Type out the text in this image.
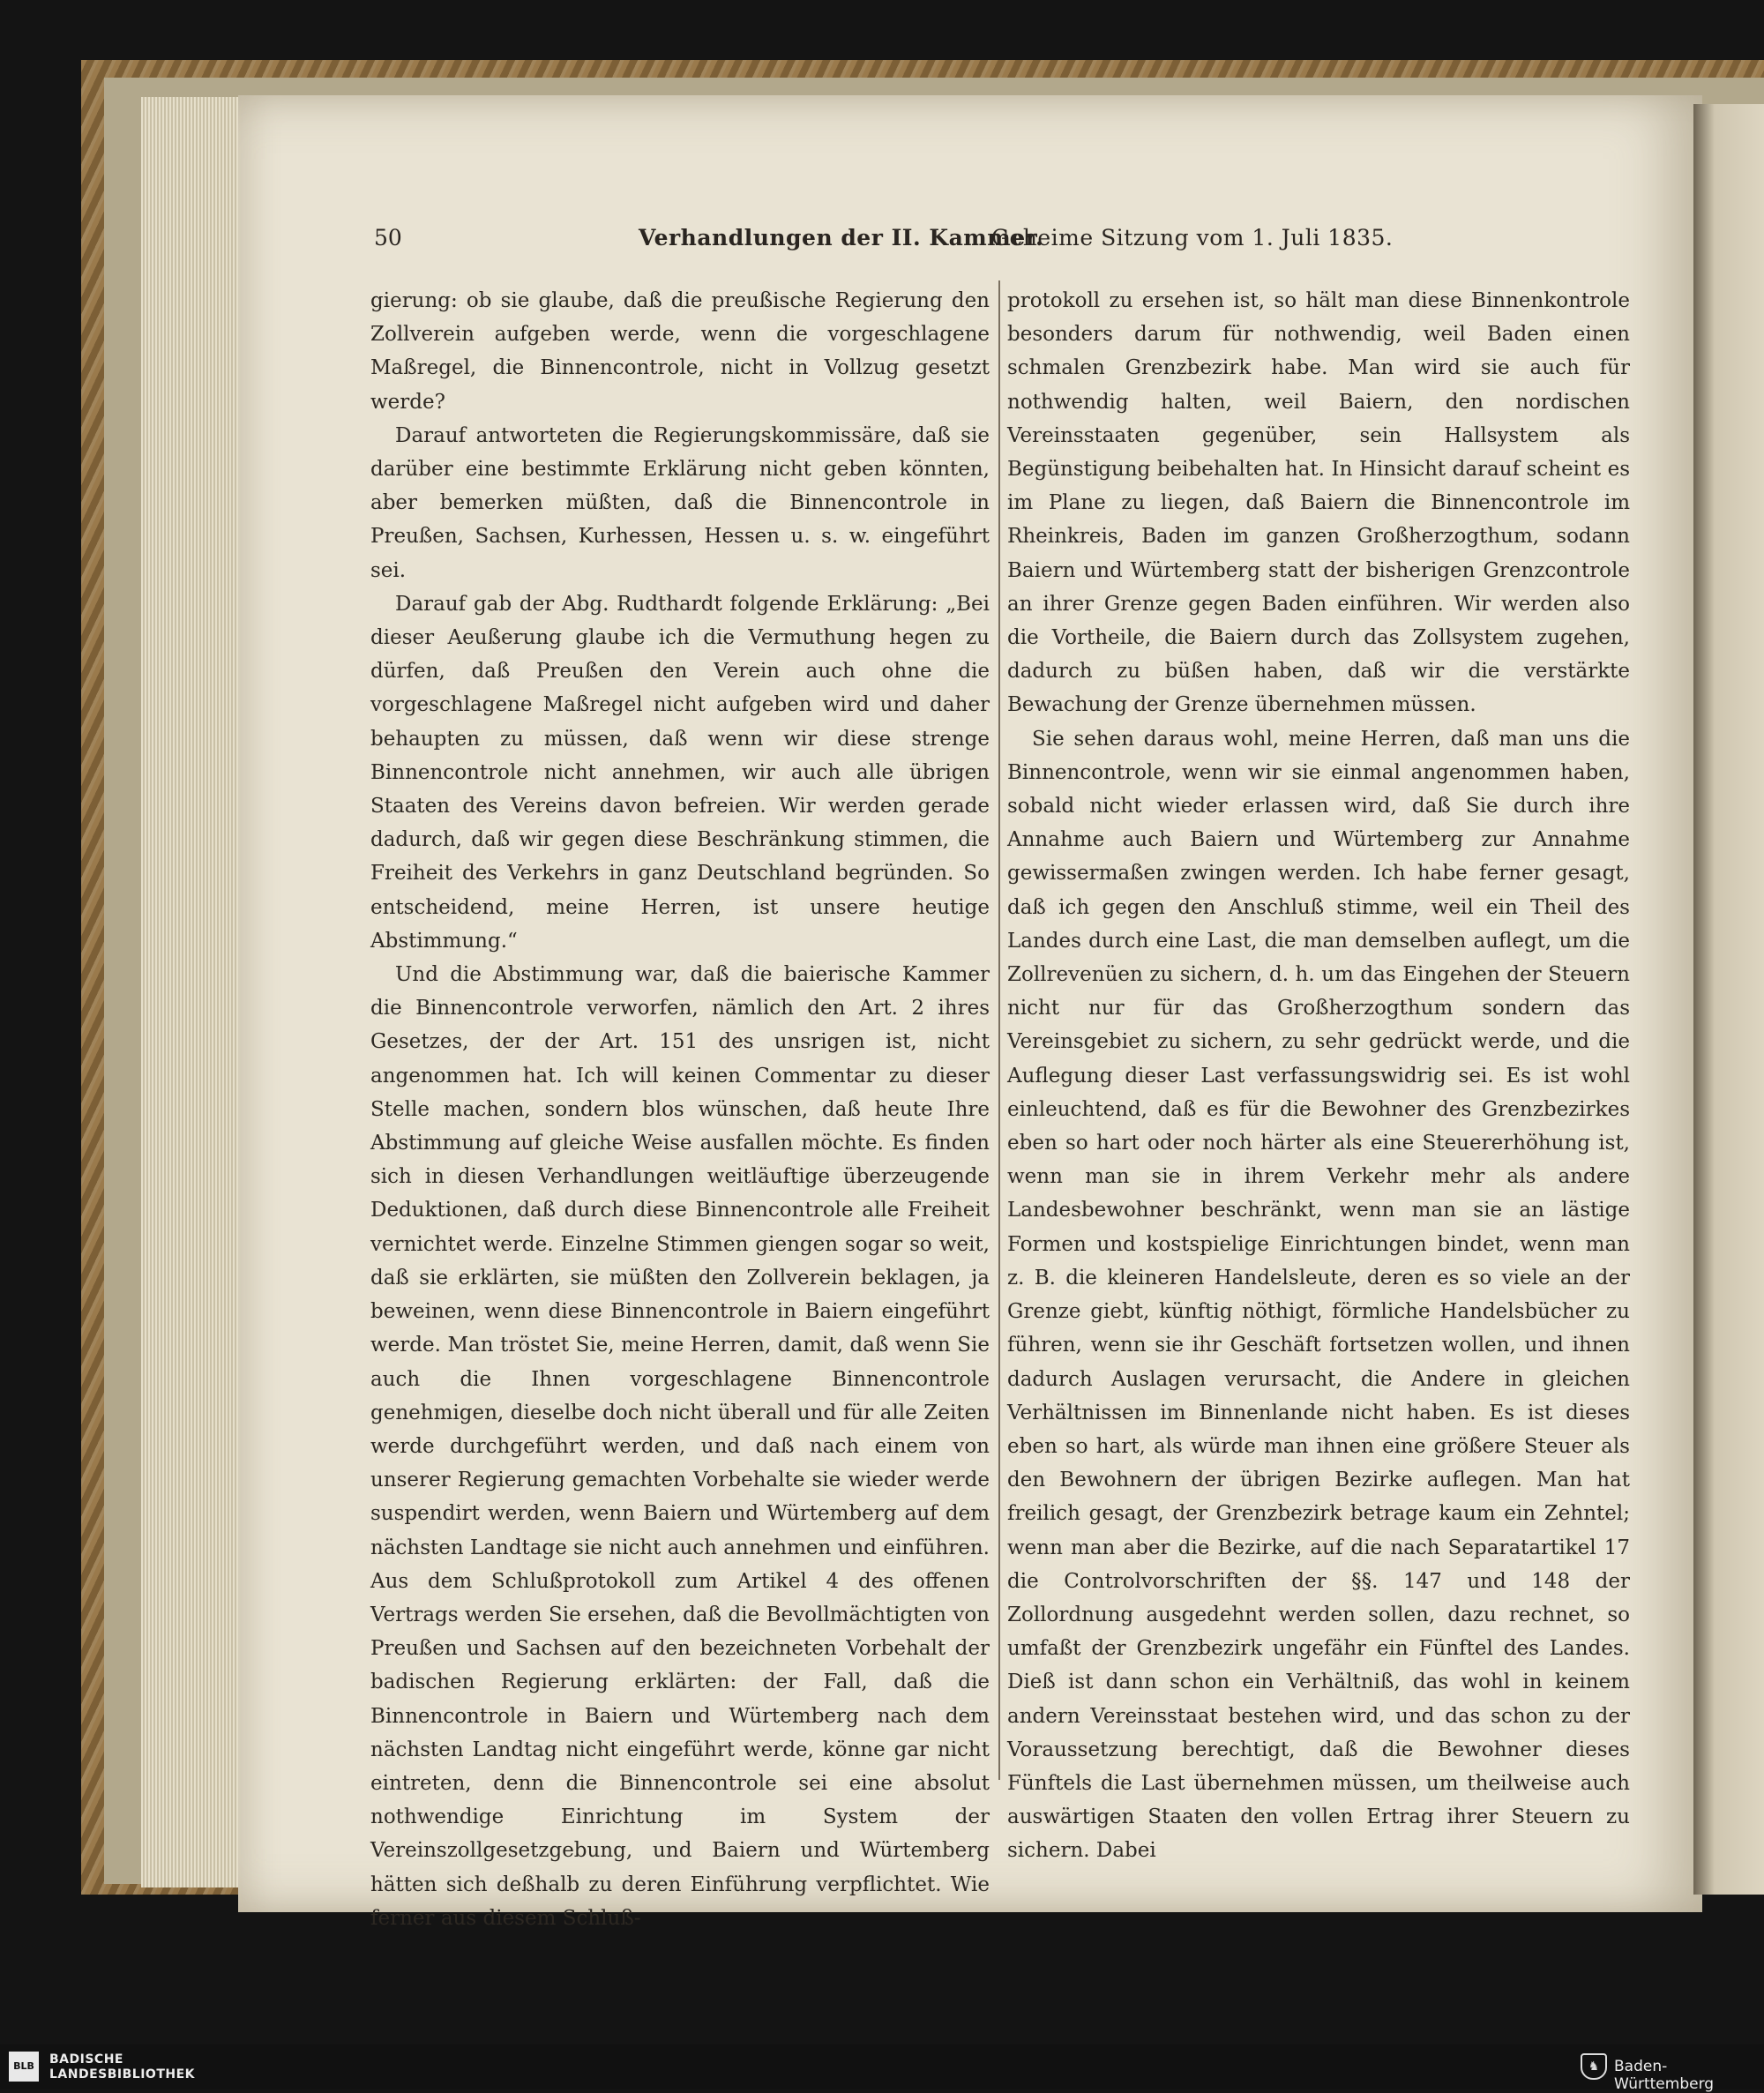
50	Verhandlungen der II. Kammer.
Geheime Sitzung vom 1. Juli 1835.

gierung: ob sie glaube, daß die preußische Regierung den Zollverein aufgeben werde, wenn die vorgeschlagene Maßregel, die Binnencontrole, nicht in Vollzug gesetzt werde?

Darauf antworteten die Regierungskommissäre, daß sie darüber eine bestimmte Erklärung nicht geben könnten, aber bemerken müßten, daß die Binnencontrole in Preußen, Sachsen, Kurhessen, Hessen u. s. w. eingeführt sei.

Darauf gab der Abg. Rudthardt folgende Erklärung: „Bei dieser Aeußerung glaube ich die Vermuthung hegen zu dürfen, daß Preußen den Verein auch ohne die vorgeschlagene Maßregel nicht aufgeben wird und daher behaupten zu müssen, daß wenn wir diese strenge Binnencontrole nicht annehmen, wir auch alle übrigen Staaten des Vereins davon befreien. Wir werden gerade dadurch, daß wir gegen diese Beschränkung stimmen, die Freiheit des Verkehrs in ganz Deutschland begründen. So entscheidend, meine Herren, ist unsere heutige Abstimmung.“

Und die Abstimmung war, daß die baierische Kammer die Binnencontrole verworfen, nämlich den Art. 2 ihres Gesetzes, der der Art. 151 des unsrigen ist, nicht angenommen hat. Ich will keinen Commentar zu dieser Stelle machen, sondern blos wünschen, daß heute Ihre Abstimmung auf gleiche Weise ausfallen möchte. Es finden sich in diesen Verhandlungen weitläuftige überzeugende Deduktionen, daß durch diese Binnencontrole alle Freiheit vernichtet werde. Einzelne Stimmen giengen sogar so weit, daß sie erklärten, sie müßten den Zollverein beklagen, ja beweinen, wenn diese Binnencontrole in Baiern eingeführt werde. Man tröstet Sie, meine Herren, damit, daß wenn Sie auch die Ihnen vorgeschlagene Binnencontrole genehmigen, dieselbe doch nicht überall und für alle Zeiten werde durchgeführt werden, und daß nach einem von unserer Regierung gemachten Vorbehalte sie wieder werde suspendirt werden, wenn Baiern und Würtemberg auf dem nächsten Landtage sie nicht auch annehmen und einführen. Aus dem Schlußprotokoll zum Artikel 4 des offenen Vertrags werden Sie ersehen, daß die Bevollmächtigten von Preußen und Sachsen auf den bezeichneten Vorbehalt der badischen Regierung erklärten: der Fall, daß die Binnencontrole in Baiern und Würtemberg nach dem nächsten Landtag nicht eingeführt werde, könne gar nicht eintreten, denn die Binnencontrole sei eine absolut nothwendige Einrichtung im System der Vereinszollgesetzgebung, und Baiern und Würtemberg hätten sich deßhalb zu deren Einführung verpflichtet. Wie ferner aus diesem Schluß-

protokoll zu ersehen ist, so hält man diese Binnenkontrole besonders darum für nothwendig, weil Baden einen schmalen Grenzbezirk habe. Man wird sie auch für nothwendig halten, weil Baiern, den nordischen Vereinsstaaten gegenüber, sein Hallsystem als Begünstigung beibehalten hat. In Hinsicht darauf scheint es im Plane zu liegen, daß Baiern die Binnencontrole im Rheinkreis, Baden im ganzen Großherzogthum, sodann Baiern und Würtemberg statt der bisherigen Grenzcontrole an ihrer Grenze gegen Baden einführen. Wir werden also die Vortheile, die Baiern durch das Zollsystem zugehen, dadurch zu büßen haben, daß wir die verstärkte Bewachung der Grenze übernehmen müssen.

Sie sehen daraus wohl, meine Herren, daß man uns die Binnencontrole, wenn wir sie einmal angenommen haben, sobald nicht wieder erlassen wird, daß Sie durch ihre Annahme auch Baiern und Würtemberg zur Annahme gewissermaßen zwingen werden. Ich habe ferner gesagt, daß ich gegen den Anschluß stimme, weil ein Theil des Landes durch eine Last, die man demselben auflegt, um die Zollrevenüen zu sichern, d. h. um das Eingehen der Steuern nicht nur für das Großherzogthum sondern das Vereinsgebiet zu sichern, zu sehr gedrückt werde, und die Auflegung dieser Last verfassungswidrig sei. Es ist wohl einleuchtend, daß es für die Bewohner des Grenzbezirkes eben so hart oder noch härter als eine Steuererhöhung ist, wenn man sie in ihrem Verkehr mehr als andere Landesbewohner beschränkt, wenn man sie an lästige Formen und kostspielige Einrichtungen bindet, wenn man z. B. die kleineren Handelsleute, deren es so viele an der Grenze giebt, künftig nöthigt, förmliche Handelsbücher zu führen, wenn sie ihr Geschäft fortsetzen wollen, und ihnen dadurch Auslagen verursacht, die Andere in gleichen Verhältnissen im Binnenlande nicht haben. Es ist dieses eben so hart, als würde man ihnen eine größere Steuer als den Bewohnern der übrigen Bezirke auflegen. Man hat freilich gesagt, der Grenzbezirk betrage kaum ein Zehntel; wenn man aber die Bezirke, auf die nach Separatartikel 17 die Controlvorschriften der §§. 147 und 148 der Zollordnung ausgedehnt werden sollen, dazu rechnet, so umfaßt der Grenzbezirk ungefähr ein Fünftel des Landes. Dieß ist dann schon ein Verhältniß, das wohl in keinem andern Vereinsstaat bestehen wird, und das schon zu der Voraussetzung berechtigt, daß die Bewohner dieses Fünftels die Last übernehmen müssen, um theilweise auch auswärtigen Staaten den vollen Ertrag ihrer Steuern zu sichern. Dabei

BLB	BADISCHE
LANDESBIBLIOTHEK
♞ Baden-Württemberg
